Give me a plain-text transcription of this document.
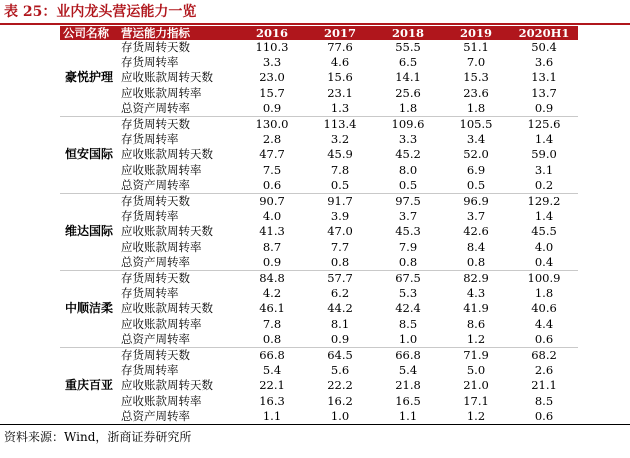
表 25：业内龙头营运能力一览
公司名称	营运能力指标	2016	2017	2018	2019	2020H1
豪悦护理	存货周转天数	110.3	77.6	55.5	51.1	50.4
	存货周转率	3.3	4.6	6.5	7.0	3.6
	应收账款周转天数	23.0	15.6	14.1	15.3	13.1
	应收账款周转率	15.7	23.1	25.6	23.6	13.7
	总资产周转率	0.9	1.3	1.8	1.8	0.9
恒安国际	存货周转天数	130.0	113.4	109.6	105.5	125.6
	存货周转率	2.8	3.2	3.3	3.4	1.4
	应收账款周转天数	47.7	45.9	45.2	52.0	59.0
	应收账款周转率	7.5	7.8	8.0	6.9	3.1
	总资产周转率	0.6	0.5	0.5	0.5	0.2
维达国际	存货周转天数	90.7	91.7	97.5	96.9	129.2
	存货周转率	4.0	3.9	3.7	3.7	1.4
	应收账款周转天数	41.3	47.0	45.3	42.6	45.5
	应收账款周转率	8.7	7.7	7.9	8.4	4.0
	总资产周转率	0.9	0.8	0.8	0.8	0.4
中顺洁柔	存货周转天数	84.8	57.7	67.5	82.9	100.9
	存货周转率	4.2	6.2	5.3	4.3	1.8
	应收账款周转天数	46.1	44.2	42.4	41.9	40.6
	应收账款周转率	7.8	8.1	8.5	8.6	4.4
	总资产周转率	0.8	0.9	1.0	1.2	0.6
重庆百亚	存货周转天数	66.8	64.5	66.8	71.9	68.2
	存货周转率	5.4	5.6	5.4	5.0	2.6
	应收账款周转天数	22.1	22.2	21.8	21.0	21.1
	应收账款周转率	16.3	16.2	16.5	17.1	8.5
	总资产周转率	1.1	1.0	1.1	1.2	0.6
资料来源：Wind，浙商证券研究所
